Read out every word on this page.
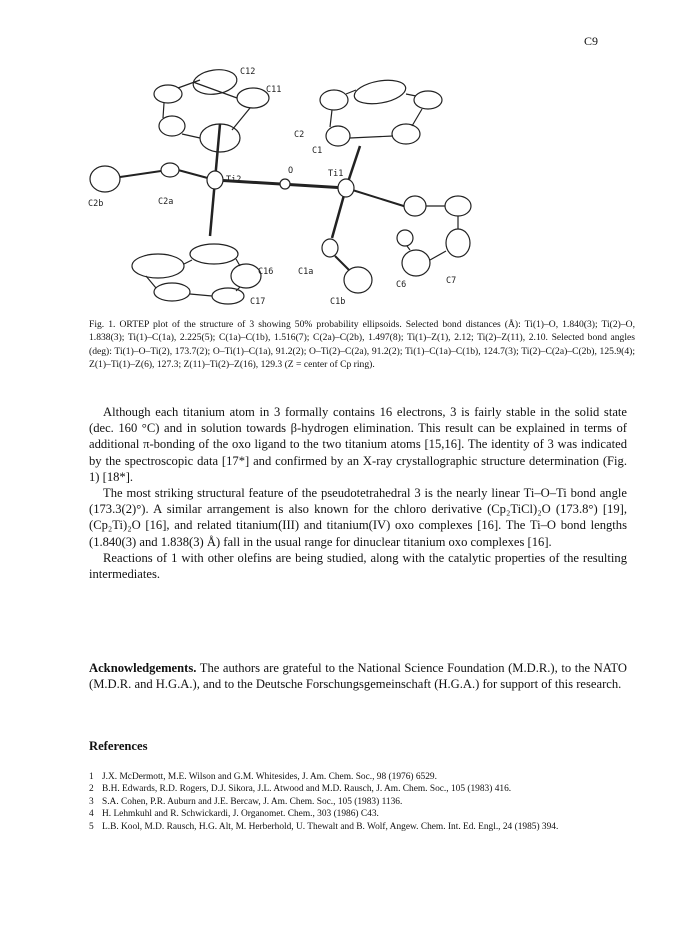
C9
C12
C11
C2
C1
Ti2
O	Ti1
C2b	C2a
C16	C1a
C6	C7
C17	C1b

Fig. 1. ORTEP plot of the structure of 3 showing 50% probability ellipsoids. Selected bond distances (Å): Ti(1)–O, 1.840(3); Ti(2)–O, 1.838(3); Ti(1)–C(1a), 2.225(5); C(1a)–C(1b), 1.516(7); C(2a)–C(2b), 1.497(8); Ti(1)–Z(1), 2.12; Ti(2)–Z(11), 2.10. Selected bond angles (deg): Ti(1)–O–Ti(2), 173.7(2); O–Ti(1)–C(1a), 91.2(2); O–Ti(2)–C(2a), 91.2(2); Ti(1)–C(1a)–C(1b), 124.7(3); Ti(2)–C(2a)–C(2b), 125.9(4); Z(1)–Ti(1)–Z(6), 127.3; Z(11)–Ti(2)–Z(16), 129.3 (Z = center of Cp ring).

Although each titanium atom in 3 formally contains 16 electrons, 3 is fairly stable in the solid state (dec. 160 °C) and in solution towards β-hydrogen elimination. This result can be explained in terms of additional π-bonding of the oxo ligand to the two titanium atoms [15,16]. The identity of 3 was indicated by the spectroscopic data [17*] and confirmed by an X-ray crystallographic structure determination (Fig. 1) [18*].

The most striking structural feature of the pseudotetrahedral 3 is the nearly linear Ti–O–Ti bond angle (173.3(2)°). A similar arrangement is also known for the chloro derivative (Cp₂TiCl)₂O (173.8°) [19], (Cp₂Ti)₂O [16], and related titanium(III) and titanium(IV) oxo complexes [16]. The Ti–O bond lengths (1.840(3) and 1.838(3) Å) fall in the usual range for dinuclear titanium oxo complexes [16].

Reactions of 1 with other olefins are being studied, along with the catalytic properties of the resulting intermediates.

Acknowledgements. The authors are grateful to the National Science Foundation (M.D.R.), to the NATO (M.D.R. and H.G.A.), and to the Deutsche Forschungsgemeinschaft (H.G.A.) for support of this research.

References
1 J.X. McDermott, M.E. Wilson and G.M. Whitesides, J. Am. Chem. Soc., 98 (1976) 6529.
2 B.H. Edwards, R.D. Rogers, D.J. Sikora, J.L. Atwood and M.D. Rausch, J. Am. Chem. Soc., 105 (1983) 416.
3 S.A. Cohen, P.R. Auburn and J.E. Bercaw, J. Am. Chem. Soc., 105 (1983) 1136.
4 H. Lehmkuhl and R. Schwickardi, J. Organomet. Chem., 303 (1986) C43.
5 L.B. Kool, M.D. Rausch, H.G. Alt, M. Herberhold, U. Thewalt and B. Wolf, Angew. Chem. Int. Ed. Engl., 24 (1985) 394.
